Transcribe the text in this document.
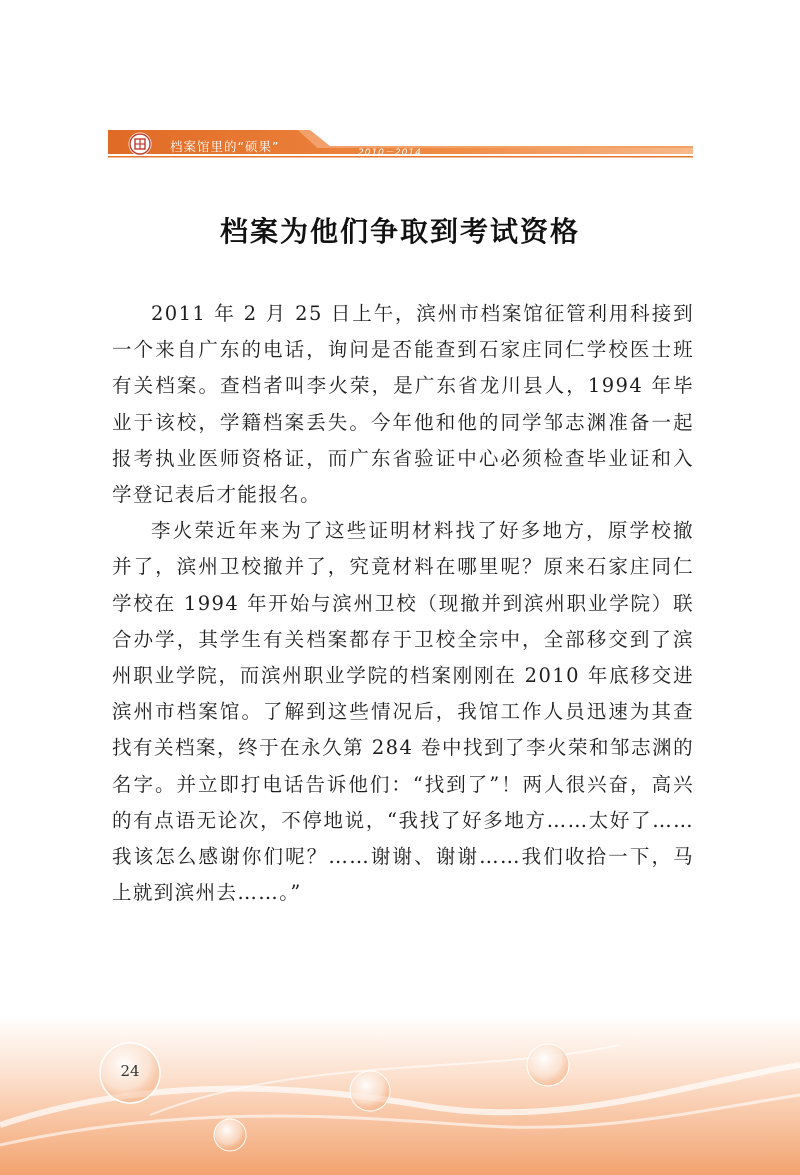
档案馆里的“硕果”	2010－2014
档案为他们争取到考试资格

2011 年 2 月 25 日上午，滨州市档案馆征管利用科接到一个来自广东的电话，询问是否能查到石家庄同仁学校医士班有关档案。查档者叫李火荣，是广东省龙川县人，1994 年毕业于该校，学籍档案丢失。今年他和他的同学邹志渊准备一起报考执业医师资格证，而广东省验证中心必须检查毕业证和入学登记表后才能报名。

李火荣近年来为了这些证明材料找了好多地方，原学校撤并了，滨州卫校撤并了，究竟材料在哪里呢？原来石家庄同仁学校在 1994 年开始与滨州卫校（现撤并到滨州职业学院）联合办学，其学生有关档案都存于卫校全宗中，全部移交到了滨州职业学院，而滨州职业学院的档案刚刚在 2010 年底移交进滨州市档案馆。了解到这些情况后，我馆工作人员迅速为其查找有关档案，终于在永久第 284 卷中找到了李火荣和邹志渊的名字。并立即打电话告诉他们：“找到了”！两人很兴奋，高兴的有点语无论次，不停地说，“我找了好多地方……太好了……我该怎么感谢你们呢？……谢谢、谢谢……我们收拾一下，马上就到滨州去……。”

24
